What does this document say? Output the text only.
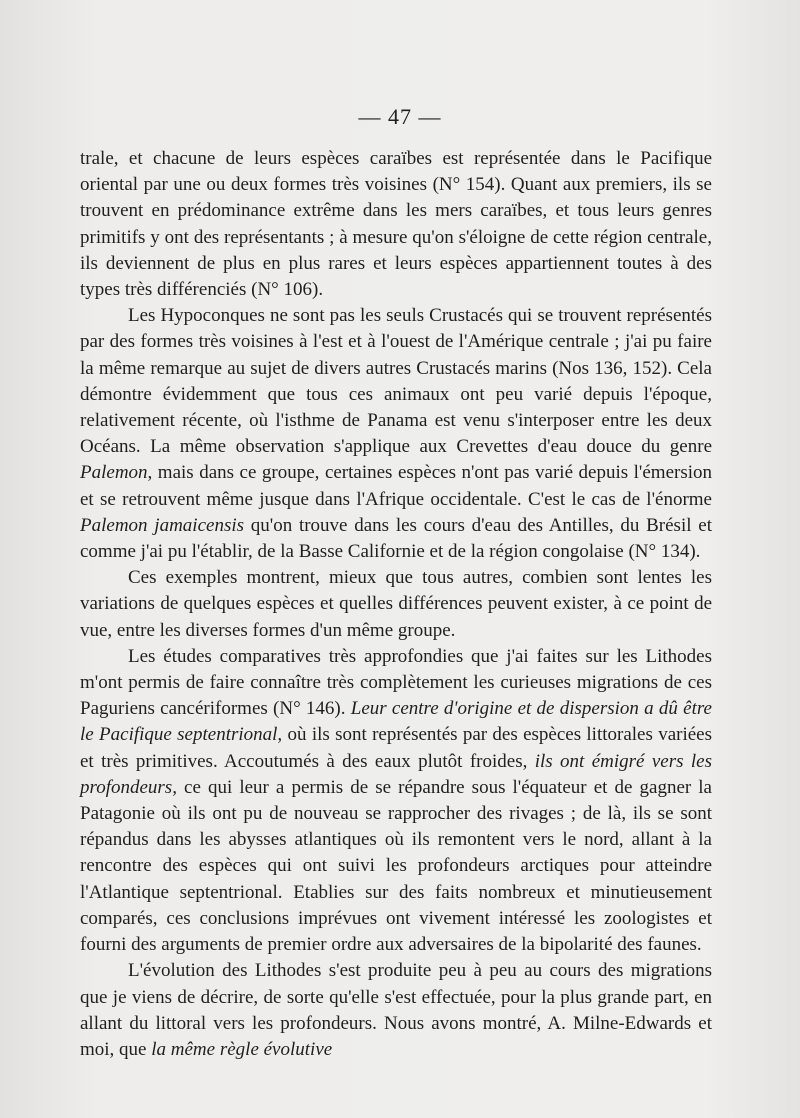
— 47 —

trale, et chacune de leurs espèces caraïbes est représentée dans le Pacifique oriental par une ou deux formes très voisines (N° 154). Quant aux premiers, ils se trouvent en prédominance extrême dans les mers caraïbes, et tous leurs genres primitifs y ont des représentants ; à mesure qu'on s'éloigne de cette région centrale, ils deviennent de plus en plus rares et leurs espèces appartiennent toutes à des types très différenciés (N° 106).

Les Hypoconques ne sont pas les seuls Crustacés qui se trouvent représentés par des formes très voisines à l'est et à l'ouest de l'Amérique centrale ; j'ai pu faire la même remarque au sujet de divers autres Crustacés marins (Nos 136, 152). Cela démontre évidemment que tous ces animaux ont peu varié depuis l'époque, relativement récente, où l'isthme de Panama est venu s'interposer entre les deux Océans. La même observation s'applique aux Crevettes d'eau douce du genre Palemon, mais dans ce groupe, certaines espèces n'ont pas varié depuis l'émersion et se retrouvent même jusque dans l'Afrique occidentale. C'est le cas de l'énorme Palemon jamaicensis qu'on trouve dans les cours d'eau des Antilles, du Brésil et comme j'ai pu l'établir, de la Basse Californie et de la région congolaise (N° 134).

Ces exemples montrent, mieux que tous autres, combien sont lentes les variations de quelques espèces et quelles différences peuvent exister, à ce point de vue, entre les diverses formes d'un même groupe.

Les études comparatives très approfondies que j'ai faites sur les Lithodes m'ont permis de faire connaître très complètement les curieuses migrations de ces Paguriens cancériformes (N° 146). Leur centre d'origine et de dispersion a dû être le Pacifique septentrional, où ils sont représentés par des espèces littorales variées et très primitives. Accoutumés à des eaux plutôt froides, ils ont émigré vers les profondeurs, ce qui leur a permis de se répandre sous l'équateur et de gagner la Patagonie où ils ont pu de nouveau se rapprocher des rivages ; de là, ils se sont répandus dans les abysses atlantiques où ils remontent vers le nord, allant à la rencontre des espèces qui ont suivi les profondeurs arctiques pour atteindre l'Atlantique septentrional. Etablies sur des faits nombreux et minutieusement comparés, ces conclusions imprévues ont vivement intéressé les zoologistes et fourni des arguments de premier ordre aux adversaires de la bipolarité des faunes.

L'évolution des Lithodes s'est produite peu à peu au cours des migrations que je viens de décrire, de sorte qu'elle s'est effectuée, pour la plus grande part, en allant du littoral vers les profondeurs. Nous avons montré, A. Milne-Edwards et moi, que la même règle évolutive
